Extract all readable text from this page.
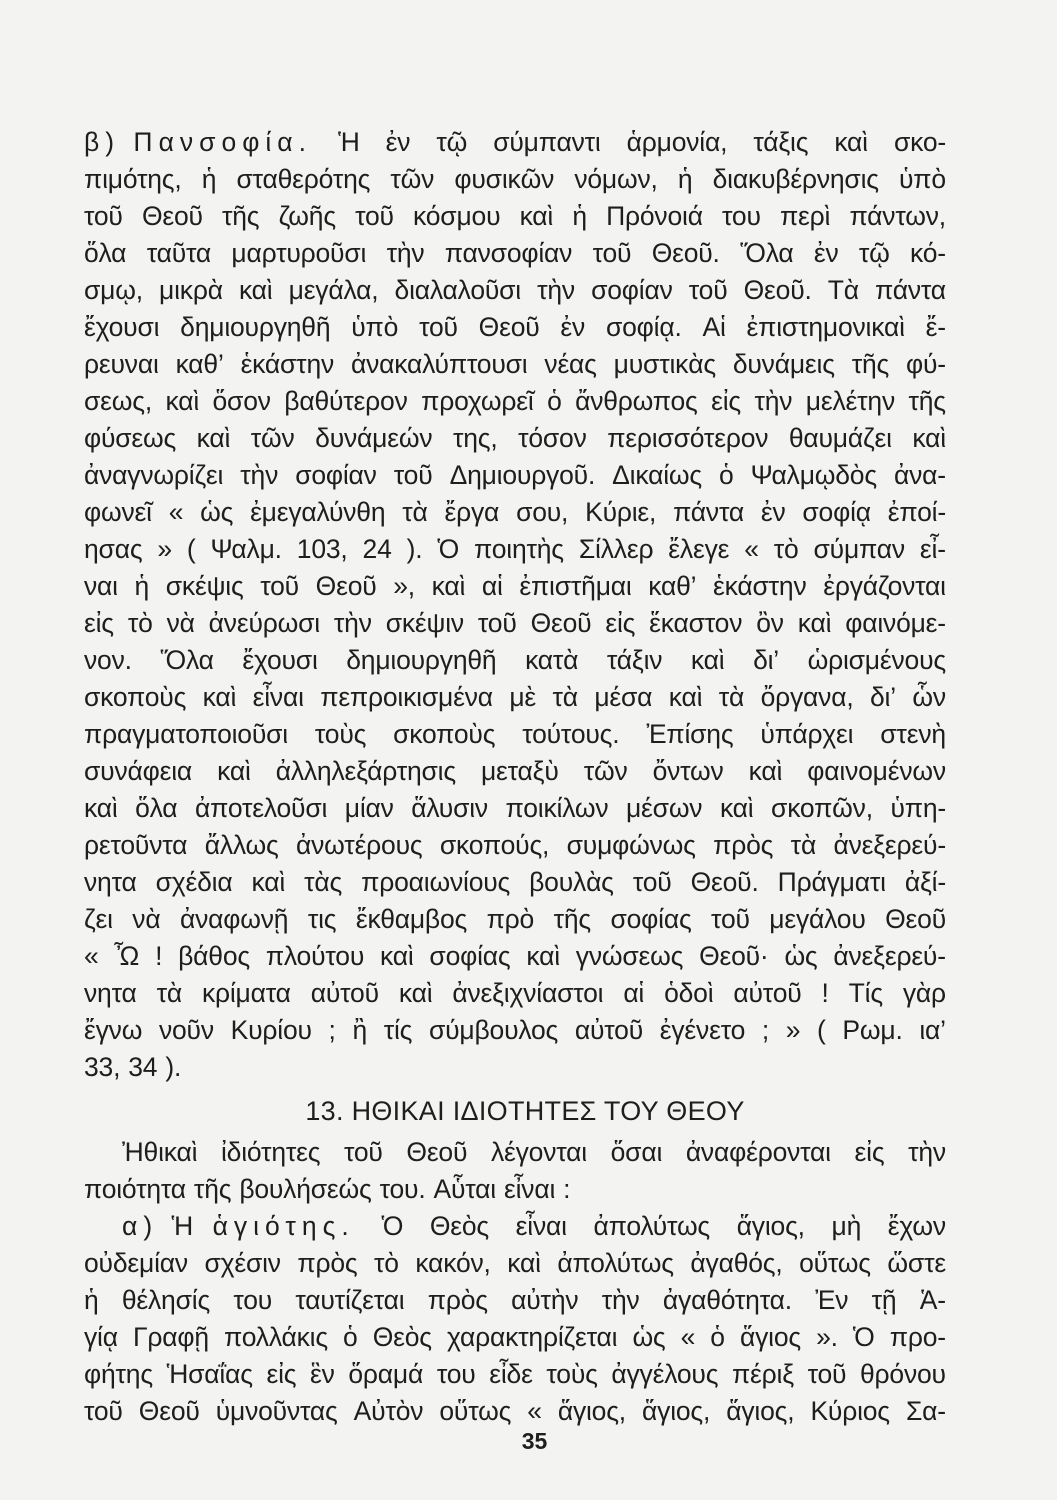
β) Πανσοφία. Ἡ ἐν τῷ σύμπαντι ἁρμονία, τάξις καὶ σκο-
πιμότης, ἡ σταθερότης τῶν φυσικῶν νόμων, ἡ διακυβέρνησις ὑπὸ
τοῦ Θεοῦ τῆς ζωῆς τοῦ κόσμου καὶ ἡ Πρόνοιά του περὶ πάντων,
ὅλα ταῦτα μαρτυροῦσι τὴν πανσοφίαν τοῦ Θεοῦ. Ὅλα ἐν τῷ κό-
σμῳ, μικρὰ καὶ μεγάλα, διαλαλοῦσι τὴν σοφίαν τοῦ Θεοῦ. Τὰ πάντα
ἔχουσι δημιουργηθῆ ὑπὸ τοῦ Θεοῦ ἐν σοφίᾳ. Αἱ ἐπιστημονικαὶ ἔ-
ρευναι καθ’ ἑκάστην ἀνακαλύπτουσι νέας μυστικὰς δυνάμεις τῆς φύ-
σεως, καὶ ὅσον βαθύτερον προχωρεῖ ὁ ἄνθρωπος εἰς τὴν μελέτην τῆς
φύσεως καὶ τῶν δυνάμεών της, τόσον περισσότερον θαυμάζει καὶ
ἀναγνωρίζει τὴν σοφίαν τοῦ Δημιουργοῦ. Δικαίως ὁ Ψαλμῳδὸς ἀνα-
φωνεῖ « ὡς ἐμεγαλύνθη τὰ ἔργα σου, Κύριε, πάντα ἐν σοφίᾳ ἐποί-
ησας » ( Ψαλμ. 103, 24 ). Ὁ ποιητὴς Σίλλερ ἔλεγε « τὸ σύμπαν εἶ-
ναι ἡ σκέψις τοῦ Θεοῦ », καὶ αἱ ἐπιστῆμαι καθ’ ἑκάστην ἐργάζονται
εἰς τὸ νὰ ἀνεύρωσι τὴν σκέψιν τοῦ Θεοῦ εἰς ἕκαστον ὂν καὶ φαινόμε-
νον. Ὅλα ἔχουσι δημιουργηθῆ κατὰ τάξιν καὶ δι’ ὡρισμένους
σκοποὺς καὶ εἶναι πεπροικισμένα μὲ τὰ μέσα καὶ τὰ ὄργανα, δι’ ὧν
πραγματοποιοῦσι τοὺς σκοποὺς τούτους. Ἐπίσης ὑπάρχει στενὴ
συνάφεια καὶ ἀλληλεξάρτησις μεταξὺ τῶν ὄντων καὶ φαινομένων
καὶ ὅλα ἀποτελοῦσι μίαν ἅλυσιν ποικίλων μέσων καὶ σκοπῶν, ὑπη-
ρετοῦντα ἄλλως ἀνωτέρους σκοπούς, συμφώνως πρὸς τὰ ἀνεξερεύ-
νητα σχέδια καὶ τὰς προαιωνίους βουλὰς τοῦ Θεοῦ. Πράγματι ἀξί-
ζει νὰ ἀναφωνῇ τις ἔκθαμβος πρὸ τῆς σοφίας τοῦ μεγάλου Θεοῦ
« Ὦ ! βάθος πλούτου καὶ σοφίας καὶ γνώσεως Θεοῦ· ὡς ἀνεξερεύ-
νητα τὰ κρίματα αὐτοῦ καὶ ἀνεξιχνίαστοι αἱ ὁδοὶ αὐτοῦ ! Τίς γὰρ
ἔγνω νοῦν Κυρίου ; ἢ τίς σύμβουλος αὐτοῦ ἐγένετο ; » ( Ρωμ. ια’
33, 34 ).
13. ΗΘΙΚΑΙ ΙΔΙΟΤΗΤΕΣ ΤΟΥ ΘΕΟΥ
Ἠθικαὶ ἰδιότητες τοῦ Θεοῦ λέγονται ὅσαι ἀναφέρονται εἰς τὴν
ποιότητα τῆς βουλήσεώς του. Αὗται εἶναι :
α) Ἡ ἁγιότης. Ὁ Θεὸς εἶναι ἀπολύτως ἅγιος, μὴ ἔχων
οὐδεμίαν σχέσιν πρὸς τὸ κακόν, καὶ ἀπολύτως ἀγαθός, οὕτως ὥστε
ἡ θέλησίς του ταυτίζεται πρὸς αὐτὴν τὴν ἀγαθότητα. Ἐν τῇ Ἁ-
γίᾳ Γραφῇ πολλάκις ὁ Θεὸς χαρακτηρίζεται ὡς « ὁ ἅγιος ». Ὁ προ-
φήτης Ἡσαΐας εἰς ἓν ὅραμά του εἶδε τοὺς ἀγγέλους πέριξ τοῦ θρόνου
τοῦ Θεοῦ ὑμνοῦντας Αὐτὸν οὕτως « ἅγιος, ἅγιος, ἅγιος, Κύριος Σα-
35
